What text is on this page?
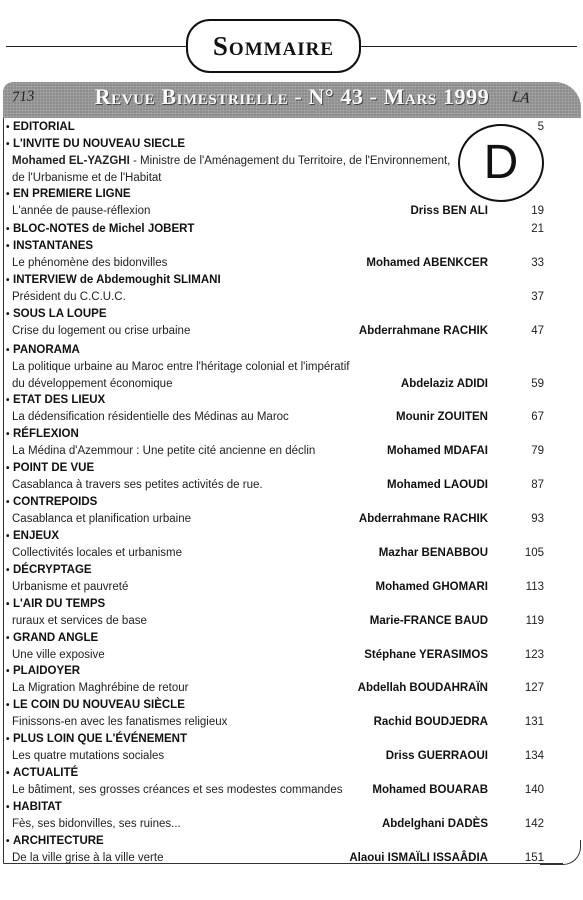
Sommaire
Revue Bimestrielle - N° 43 - Mars 1999
713	LA
• EDITORIAL	5
• L'INVITE DU NOUVEAU SIECLE
Mohamed EL-YAZGHI - Ministre de l'Aménagement du Territoire, de l'Environnement,
de l'Urbanisme et de l'Habitat
• EN PREMIERE LIGNE
L'année de pause-réflexion	Driss BEN ALI	19
• BLOC-NOTES de Michel JOBERT	21
• INSTANTANES
Le phénomène des bidonvilles	Mohamed ABENKCER	33
• INTERVIEW de Abdemoughit SLIMANI
Président du C.C.U.C.	37
• SOUS LA LOUPE
Crise du logement ou crise urbaine	Abderrahmane RACHIK	47
• PANORAMA
La politique urbaine au Maroc entre l'héritage colonial et l'impératif
du développement économique	Abdelaziz ADIDI	59
• ETAT DES LIEUX
La dédensification résidentielle des Médinas au Maroc	Mounir ZOUITEN	67
• RÉFLEXION
La Médina d'Azemmour : Une petite cité ancienne en déclin	Mohamed MDAFAI	79
• POINT DE VUE
Casablanca à travers ses petites activités de rue.	Mohamed LAOUDI	87
• CONTREPOIDS
Casablanca et planification urbaine	Abderrahmane RACHIK	93
• ENJEUX
Collectivités locales et urbanisme	Mazhar BENABBOU	105
• DÉCRYPTAGE
Urbanisme et pauvreté	Mohamed GHOMARI	113
• L'AIR DU TEMPS
ruraux et services de base	Marie-FRANCE BAUD	119
• GRAND ANGLE
Une ville exposive	Stéphane YERASIMOS	123
• PLAIDOYER
La Migration Maghrébine de retour	Abdellah BOUDAHRAÏN	127
• LE COIN DU NOUVEAU SIÈCLE
Finissons-en avec les fanatismes religieux	Rachid BOUDJEDRA	131
• PLUS LOIN QUE L'ÉVÉNEMENT
Les quatre mutations sociales	Driss GUERRAOUI	134
• ACTUALITÉ
Le bâtiment, ses grosses créances et ses modestes commandes	Mohamed BOUARAB	140
• HABITAT
Fès, ses bidonvilles, ses ruines...	Abdelghani DADÈS	142
• ARCHITECTURE
De la ville grise à la ville verte	Alaoui ISMAÏLI ISSAÂDIA	151
D
